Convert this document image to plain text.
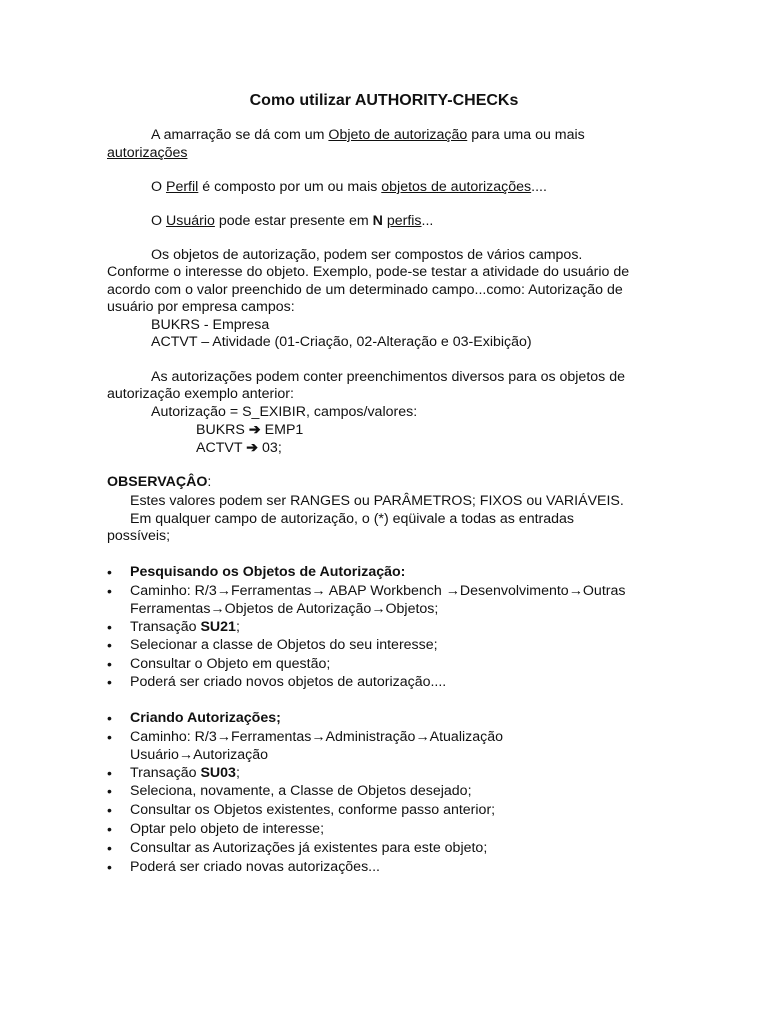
Como utilizar AUTHORITY-CHECKs
A amarração se dá com um Objeto de autorização para uma ou mais
autorizações
O Perfil é composto por um ou mais objetos de autorizações....
O Usuário pode estar presente em N perfis...
Os objetos de autorização, podem ser compostos de vários campos.
Conforme o interesse do objeto. Exemplo, pode-se testar a atividade do usuário de
acordo com o valor preenchido de um determinado campo...como: Autorização de
usuário por empresa campos:
BUKRS - Empresa
ACTVT – Atividade (01-Criação, 02-Alteração e 03-Exibição)
As autorizações podem conter preenchimentos diversos para os objetos de
autorização exemplo anterior:
Autorização = S_EXIBIR, campos/valores:
BUKRS ➔ EMP1
ACTVT ➔ 03;
OBSERVAÇÂO:
Estes valores podem ser RANGES ou PARÂMETROS; FIXOS ou VARIÁVEIS.
Em qualquer campo de autorização, o (*) eqüivale a todas as entradas
possíveis;
•	Pesquisando os Objetos de Autorização:
•	Caminho: R/3→Ferramentas→ ABAP Workbench →Desenvolvimento→Outras
Ferramentas→Objetos de Autorização→Objetos;
•	Transação SU21;
•	Selecionar a classe de Objetos do seu interesse;
•	Consultar o Objeto em questão;
•	Poderá ser criado novos objetos de autorização....
•	Criando Autorizações;
•	Caminho: R/3→Ferramentas→Administração→Atualização
Usuário→Autorização
•	Transação SU03;
•	Seleciona, novamente, a Classe de Objetos desejado;
•	Consultar os Objetos existentes, conforme passo anterior;
•	Optar pelo objeto de interesse;
•	Consultar as Autorizações já existentes para este objeto;
•	Poderá ser criado novas autorizações...
